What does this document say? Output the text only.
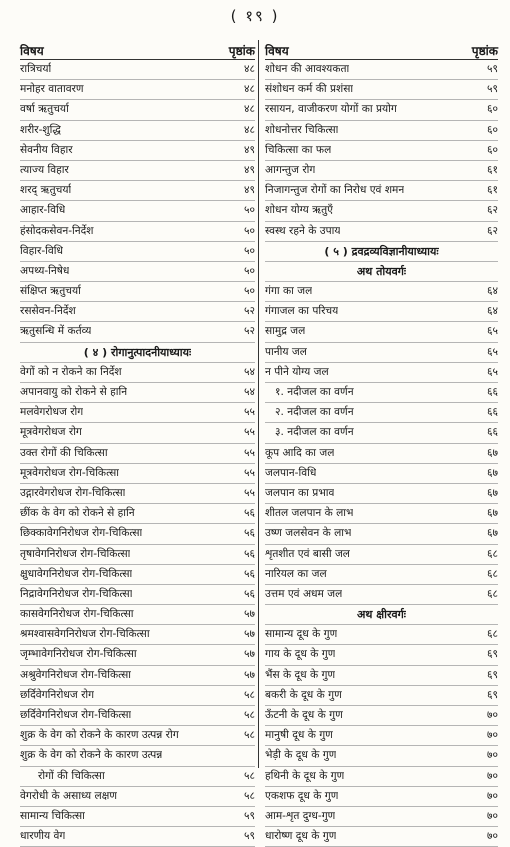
( १९ )
विषय	पृष्ठांक
रात्रिचर्या	४८
मनोहर वातावरण	४८
वर्षा ऋतुचर्या	४८
शरीर-शुद्धि	४८
सेवनीय विहार	४९
त्याज्य विहार	४९
शरद् ऋतुचर्या	४९
आहार-विधि	५०
हंसोदकसेवन-निर्देश	५०
विहार-विधि	५०
अपथ्य-निषेध	५०
संक्षिप्त ऋतुचर्या	५०
रससेवन-निर्देश	५२
ऋतुसन्धि में कर्तव्य	५२
( ४ ) रोगानुत्पादनीयाध्यायः
वेगों को न रोकने का निर्देश	५४
अपानवायु को रोकने से हानि	५४
मलवेगरोधज रोग	५५
मूत्रवेगरोधज रोग	५५
उक्त रोगों की चिकित्सा	५५
मूत्रवेगरोधज रोग-चिकित्सा	५५
उद्गारवेगरोधज रोग-चिकित्सा	५५
छींक के वेग को रोकने से हानि	५६
छिक्कावेगनिरोधज रोग-चिकित्सा	५६
तृषावेगनिरोधज रोग-चिकित्सा	५६
क्षुधावेगनिरोधज रोग-चिकित्सा	५६
निद्रावेगनिरोधज रोग-चिकित्सा	५६
कासवेगनिरोधज रोग-चिकित्सा	५७
श्रमश्वासवेगनिरोधज रोग-चिकित्सा	५७
जृम्भावेगनिरोधज रोग-चिकित्सा	५७
अश्रुवेगनिरोधज रोग-चिकित्सा	५७
छर्दिवेगनिरोधज रोग	५८
छर्दिवेगनिरोधज रोग-चिकित्सा	५८
शुक्र के वेग को रोकने के कारण उत्पन्न रोग	५८
शुक्र के वेग को रोकने के कारण उत्पन्न
रोगों की चिकित्सा	५८
वेगरोधी के असाध्य लक्षण	५८
सामान्य चिकित्सा	५९
धारणीय वेग	५९
विषय	पृष्ठांक
शोधन की आवश्यकता	५९
संशोधन कर्म की प्रशंसा	५९
रसायन, वाजीकरण योगों का प्रयोग	६०
शोधनोत्तर चिकित्सा	६०
चिकित्सा का फल	६०
आगन्तुज रोग	६१
निजागन्तुज रोगों का निरोध एवं शमन	६१
शोधन योग्य ऋतुएँ	६२
स्वस्थ रहने के उपाय	६२
( ५ ) द्रवद्रव्यविज्ञानीयाध्यायः
अथ तोयवर्गः
गंगा का जल	६४
गंगाजल का परिचय	६४
सामुद्र जल	६५
पानीय जल	६५
न पीने योग्य जल	६५
१. नदीजल का वर्णन	६६
२. नदीजल का वर्णन	६६
३. नदीजल का वर्णन	६६
कूप आदि का जल	६७
जलपान-विधि	६७
जलपान का प्रभाव	६७
शीतल जलपान के लाभ	६७
उष्ण जलसेवन के लाभ	६७
शृतशीत एवं बासी जल	६८
नारियल का जल	६८
उत्तम एवं अधम जल	६८
अथ क्षीरवर्गः
सामान्य दूध के गुण	६८
गाय के दूध के गुण	६९
भैंस के दूध के गुण	६९
बकरी के दूध के गुण	६९
ऊँटनी के दूध के गुण	७०
मानुषी दूध के गुण	७०
भेड़ी के दूध के गुण	७०
हथिनी के दूध के गुण	७०
एकशफ दूध के गुण	७०
आम-शृत दुग्ध-गुण	७०
धारोष्ण दूध के गुण	७०
